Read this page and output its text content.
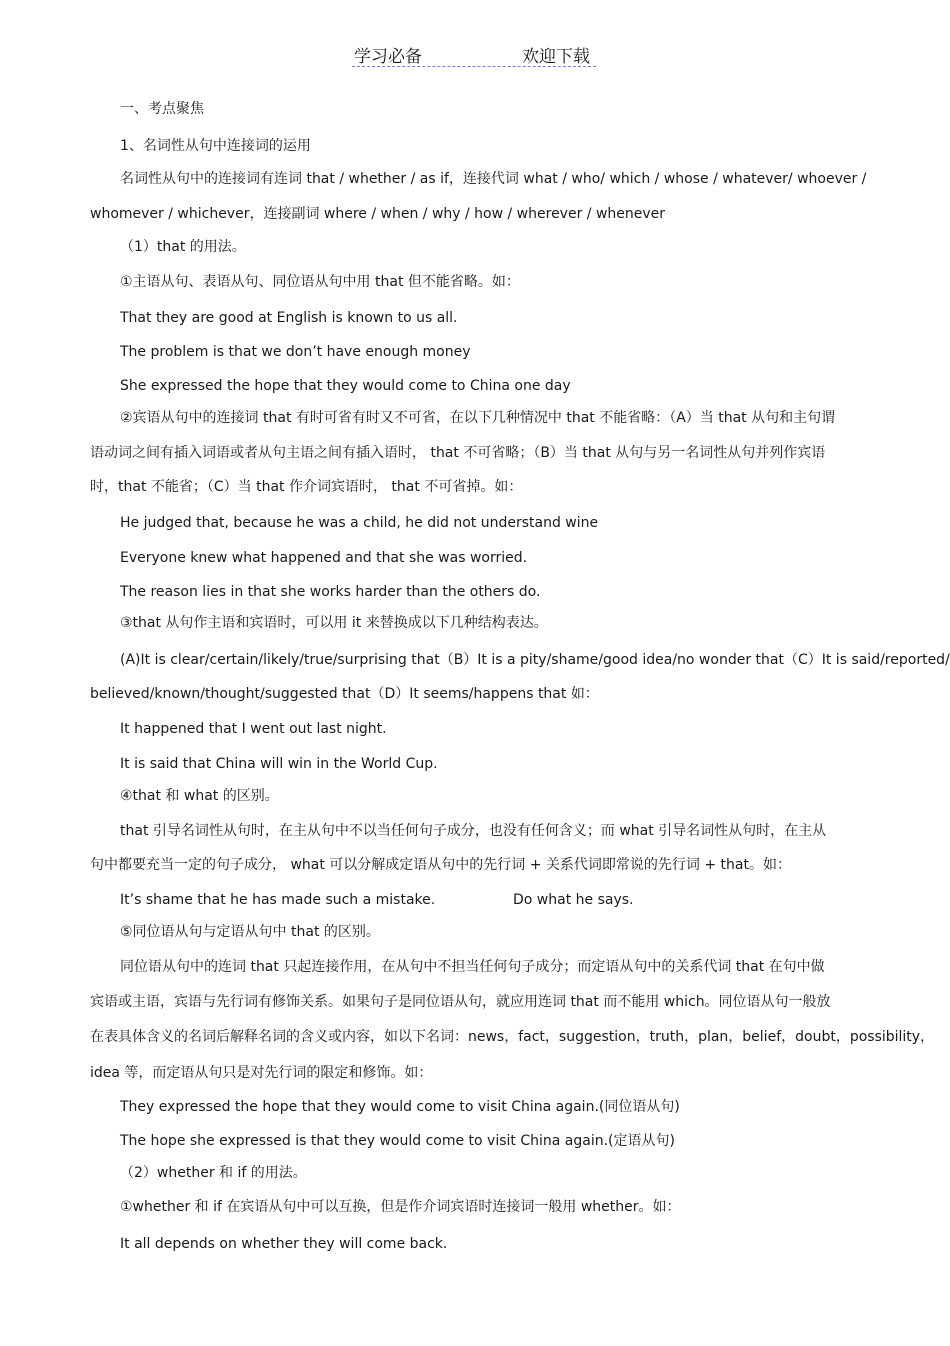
学习必备	欢迎下载
一、考点聚焦
1、名词性从句中连接词的运用
名词性从句中的连接词有连词 that / whether / as if，连接代词 what / who/ which / whose / whatever/ whoever /
whomever / whichever，连接副词 where / when / why / how / wherever / whenever
（1）that 的用法。
①主语从句、表语从句、同位语从句中用 that 但不能省略。如：
That they are good at English is known to us all.
The problem is that we don’t have enough money
She expressed the hope that they would come to China one day
②宾语从句中的连接词 that 有时可省有时又不可省，在以下几种情况中 that 不能省略：（A）当 that 从句和主句谓
语动词之间有插入词语或者从句主语之间有插入语时， that 不可省略；（B）当 that 从句与另一名词性从句并列作宾语
时，that 不能省；（C）当 that 作介词宾语时， that 不可省掉。如：
He judged that, because he was a child, he did not understand wine
Everyone knew what happened and that she was worried.
The reason lies in that she works harder than the others do.
③that 从句作主语和宾语时，可以用 it 来替换成以下几种结构表达。
(A)It is clear/certain/likely/true/surprising that（B）It is a pity/shame/good idea/no wonder that（C）It is said/reported/
believed/known/thought/suggested that（D）It seems/happens that 如：
It happened that I went out last night.
It is said that China will win in the World Cup.
④that 和 what 的区别。
that 引导名词性从句时，在主从句中不以当任何句子成分，也没有任何含义；而 what 引导名词性从句时，在主从
句中都要充当一定的句子成分， what 可以分解成定语从句中的先行词 + 关系代词即常说的先行词 + that。如：
It’s shame that he has made such a mistake.	Do what he says.
⑤同位语从句与定语从句中 that 的区别。
同位语从句中的连词 that 只起连接作用，在从句中不担当任何句子成分；而定语从句中的关系代词 that 在句中做
宾语或主语，宾语与先行词有修饰关系。如果句子是同位语从句，就应用连词 that 而不能用 which。同位语从句一般放
在表具体含义的名词后解释名词的含义或内容，如以下名词：news，fact，suggestion，truth，plan，belief，doubt，possibility，
idea 等，而定语从句只是对先行词的限定和修饰。如：
They expressed the hope that they would come to visit China again.(同位语从句)
The hope she expressed is that they would come to visit China again.(定语从句)
（2）whether 和 if 的用法。
①whether 和 if 在宾语从句中可以互换，但是作介词宾语时连接词一般用 whether。如：
It all depends on whether they will come back.
